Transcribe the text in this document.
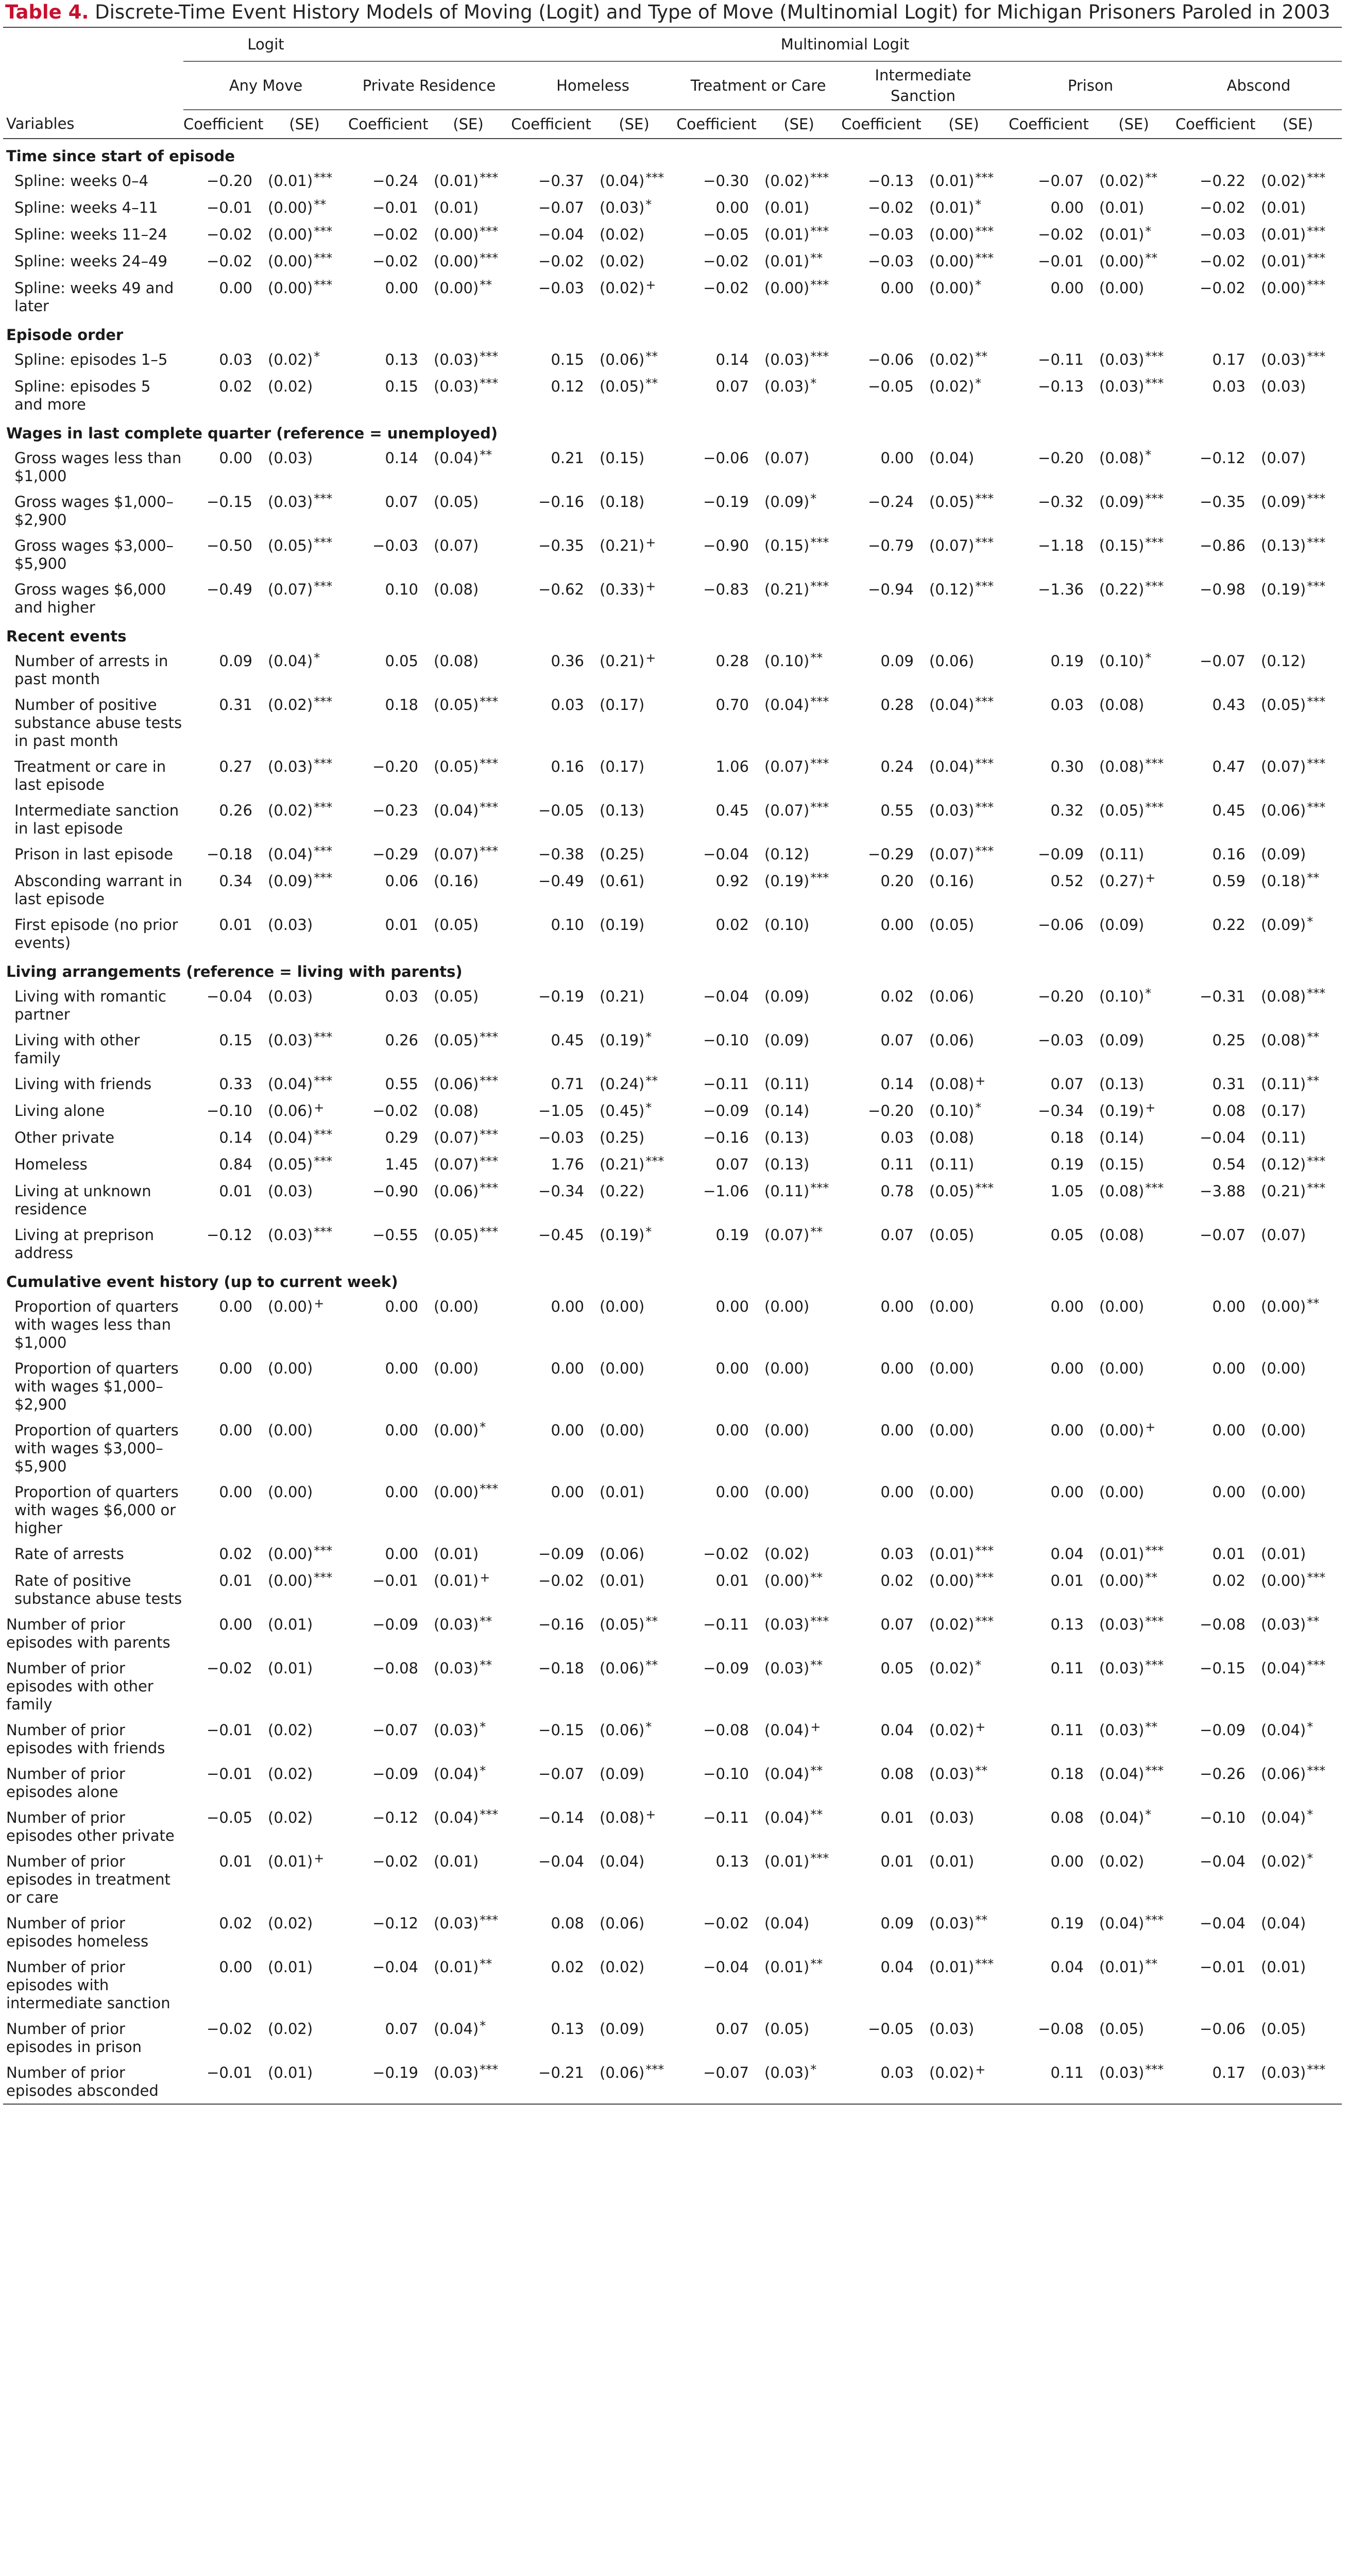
Table 4. Discrete-Time Event History Models of Moving (Logit) and Type of Move (Multinomial Logit) for Michigan Prisoners Paroled in 2003
	Logit		Multinomial Logit											
	Any Move		Private Residence		Homeless		Treatment or Care		Intermediate Sanction		Prison		Abscond	
Variables	Coefficient	(SE)	Coefficient	(SE)	Coefficient	(SE)	Coefficient	(SE)	Coefficient	(SE)	Coefficient	(SE)	Coefficient	(SE)
Time since start of episode														
Spline: weeks 0–4	−0.20	(0.01)***	−0.24	(0.01)***	−0.37	(0.04)***	−0.30	(0.02)***	−0.13	(0.01)***	−0.07	(0.02)**	−0.22	(0.02)***
Spline: weeks 4–11	−0.01	(0.00)**	−0.01	(0.01)	−0.07	(0.03)*	0.00	(0.01)	−0.02	(0.01)*	0.00	(0.01)	−0.02	(0.01)
Spline: weeks 11–24	−0.02	(0.00)***	−0.02	(0.00)***	−0.04	(0.02)	−0.05	(0.01)***	−0.03	(0.00)***	−0.02	(0.01)*	−0.03	(0.01)***
Spline: weeks 24–49	−0.02	(0.00)***	−0.02	(0.00)***	−0.02	(0.02)	−0.02	(0.01)**	−0.03	(0.00)***	−0.01	(0.00)**	−0.02	(0.01)***
Spline: weeks 49 and later	0.00	(0.00)***	0.00	(0.00)**	−0.03	(0.02)+	−0.02	(0.00)***	0.00	(0.00)*	0.00	(0.00)	−0.02	(0.00)***
Episode order														
Spline: episodes 1–5	0.03	(0.02)*	0.13	(0.03)***	0.15	(0.06)**	0.14	(0.03)***	−0.06	(0.02)**	−0.11	(0.03)***	0.17	(0.03)***
Spline: episodes 5 and more	0.02	(0.02)	0.15	(0.03)***	0.12	(0.05)**	0.07	(0.03)*	−0.05	(0.02)*	−0.13	(0.03)***	0.03	(0.03)
Wages in last complete quarter (reference = unemployed)														
Gross wages less than $1,000	0.00	(0.03)	0.14	(0.04)**	0.21	(0.15)	−0.06	(0.07)	0.00	(0.04)	−0.20	(0.08)*	−0.12	(0.07)
Gross wages $1,000–$2,900	−0.15	(0.03)***	0.07	(0.05)	−0.16	(0.18)	−0.19	(0.09)*	−0.24	(0.05)***	−0.32	(0.09)***	−0.35	(0.09)***
Gross wages $3,000–$5,900	−0.50	(0.05)***	−0.03	(0.07)	−0.35	(0.21)+	−0.90	(0.15)***	−0.79	(0.07)***	−1.18	(0.15)***	−0.86	(0.13)***
Gross wages $6,000 and higher	−0.49	(0.07)***	0.10	(0.08)	−0.62	(0.33)+	−0.83	(0.21)***	−0.94	(0.12)***	−1.36	(0.22)***	−0.98	(0.19)***
Recent events														
Number of arrests in past month	0.09	(0.04)*	0.05	(0.08)	0.36	(0.21)+	0.28	(0.10)**	0.09	(0.06)	0.19	(0.10)*	−0.07	(0.12)
Number of positive substance abuse tests in past month	0.31	(0.02)***	0.18	(0.05)***	0.03	(0.17)	0.70	(0.04)***	0.28	(0.04)***	0.03	(0.08)	0.43	(0.05)***
Treatment or care in last episode	0.27	(0.03)***	−0.20	(0.05)***	0.16	(0.17)	1.06	(0.07)***	0.24	(0.04)***	0.30	(0.08)***	0.47	(0.07)***
Intermediate sanction in last episode	0.26	(0.02)***	−0.23	(0.04)***	−0.05	(0.13)	0.45	(0.07)***	0.55	(0.03)***	0.32	(0.05)***	0.45	(0.06)***
Prison in last episode	−0.18	(0.04)***	−0.29	(0.07)***	−0.38	(0.25)	−0.04	(0.12)	−0.29	(0.07)***	−0.09	(0.11)	0.16	(0.09)
Absconding warrant in last episode	0.34	(0.09)***	0.06	(0.16)	−0.49	(0.61)	0.92	(0.19)***	0.20	(0.16)	0.52	(0.27)+	0.59	(0.18)**
First episode (no prior events)	0.01	(0.03)	0.01	(0.05)	0.10	(0.19)	0.02	(0.10)	0.00	(0.05)	−0.06	(0.09)	0.22	(0.09)*
Living arrangements (reference = living with parents)														
Living with romantic partner	−0.04	(0.03)	0.03	(0.05)	−0.19	(0.21)	−0.04	(0.09)	0.02	(0.06)	−0.20	(0.10)*	−0.31	(0.08)***
Living with other family	0.15	(0.03)***	0.26	(0.05)***	0.45	(0.19)*	−0.10	(0.09)	0.07	(0.06)	−0.03	(0.09)	0.25	(0.08)**
Living with friends	0.33	(0.04)***	0.55	(0.06)***	0.71	(0.24)**	−0.11	(0.11)	0.14	(0.08)+	0.07	(0.13)	0.31	(0.11)**
Living alone	−0.10	(0.06)+	−0.02	(0.08)	−1.05	(0.45)*	−0.09	(0.14)	−0.20	(0.10)*	−0.34	(0.19)+	0.08	(0.17)
Other private	0.14	(0.04)***	0.29	(0.07)***	−0.03	(0.25)	−0.16	(0.13)	0.03	(0.08)	0.18	(0.14)	−0.04	(0.11)
Homeless	0.84	(0.05)***	1.45	(0.07)***	1.76	(0.21)***	0.07	(0.13)	0.11	(0.11)	0.19	(0.15)	0.54	(0.12)***
Living at unknown residence	0.01	(0.03)	−0.90	(0.06)***	−0.34	(0.22)	−1.06	(0.11)***	0.78	(0.05)***	1.05	(0.08)***	−3.88	(0.21)***
Living at preprison address	−0.12	(0.03)***	−0.55	(0.05)***	−0.45	(0.19)*	0.19	(0.07)**	0.07	(0.05)	0.05	(0.08)	−0.07	(0.07)
Cumulative event history (up to current week)														
Proportion of quarters with wages less than $1,000	0.00	(0.00)+	0.00	(0.00)	0.00	(0.00)	0.00	(0.00)	0.00	(0.00)	0.00	(0.00)	0.00	(0.00)**
Proportion of quarters with wages $1,000–$2,900	0.00	(0.00)	0.00	(0.00)	0.00	(0.00)	0.00	(0.00)	0.00	(0.00)	0.00	(0.00)	0.00	(0.00)
Proportion of quarters with wages $3,000–$5,900	0.00	(0.00)	0.00	(0.00)*	0.00	(0.00)	0.00	(0.00)	0.00	(0.00)	0.00	(0.00)+	0.00	(0.00)
Proportion of quarters with wages $6,000 or higher	0.00	(0.00)	0.00	(0.00)***	0.00	(0.01)	0.00	(0.00)	0.00	(0.00)	0.00	(0.00)	0.00	(0.00)
Rate of arrests	0.02	(0.00)***	0.00	(0.01)	−0.09	(0.06)	−0.02	(0.02)	0.03	(0.01)***	0.04	(0.01)***	0.01	(0.01)
Rate of positive substance abuse tests	0.01	(0.00)***	−0.01	(0.01)+	−0.02	(0.01)	0.01	(0.00)**	0.02	(0.00)***	0.01	(0.00)**	0.02	(0.00)***
Number of prior episodes with parents	0.00	(0.01)	−0.09	(0.03)**	−0.16	(0.05)**	−0.11	(0.03)***	0.07	(0.02)***	0.13	(0.03)***	−0.08	(0.03)**
Number of prior episodes with other family	−0.02	(0.01)	−0.08	(0.03)**	−0.18	(0.06)**	−0.09	(0.03)**	0.05	(0.02)*	0.11	(0.03)***	−0.15	(0.04)***
Number of prior episodes with friends	−0.01	(0.02)	−0.07	(0.03)*	−0.15	(0.06)*	−0.08	(0.04)+	0.04	(0.02)+	0.11	(0.03)**	−0.09	(0.04)*
Number of prior episodes alone	−0.01	(0.02)	−0.09	(0.04)*	−0.07	(0.09)	−0.10	(0.04)**	0.08	(0.03)**	0.18	(0.04)***	−0.26	(0.06)***
Number of prior episodes other private	−0.05	(0.02)	−0.12	(0.04)***	−0.14	(0.08)+	−0.11	(0.04)**	0.01	(0.03)	0.08	(0.04)*	−0.10	(0.04)*
Number of prior episodes in treatment or care	0.01	(0.01)+	−0.02	(0.01)	−0.04	(0.04)	0.13	(0.01)***	0.01	(0.01)	0.00	(0.02)	−0.04	(0.02)*
Number of prior episodes homeless	0.02	(0.02)	−0.12	(0.03)***	0.08	(0.06)	−0.02	(0.04)	0.09	(0.03)**	0.19	(0.04)***	−0.04	(0.04)
Number of prior episodes with intermediate sanction	0.00	(0.01)	−0.04	(0.01)**	0.02	(0.02)	−0.04	(0.01)**	0.04	(0.01)***	0.04	(0.01)**	−0.01	(0.01)
Number of prior episodes in prison	−0.02	(0.02)	0.07	(0.04)*	0.13	(0.09)	0.07	(0.05)	−0.05	(0.03)	−0.08	(0.05)	−0.06	(0.05)
Number of prior episodes absconded	−0.01	(0.01)	−0.19	(0.03)***	−0.21	(0.06)***	−0.07	(0.03)*	0.03	(0.02)+	0.11	(0.03)***	0.17	(0.03)***
